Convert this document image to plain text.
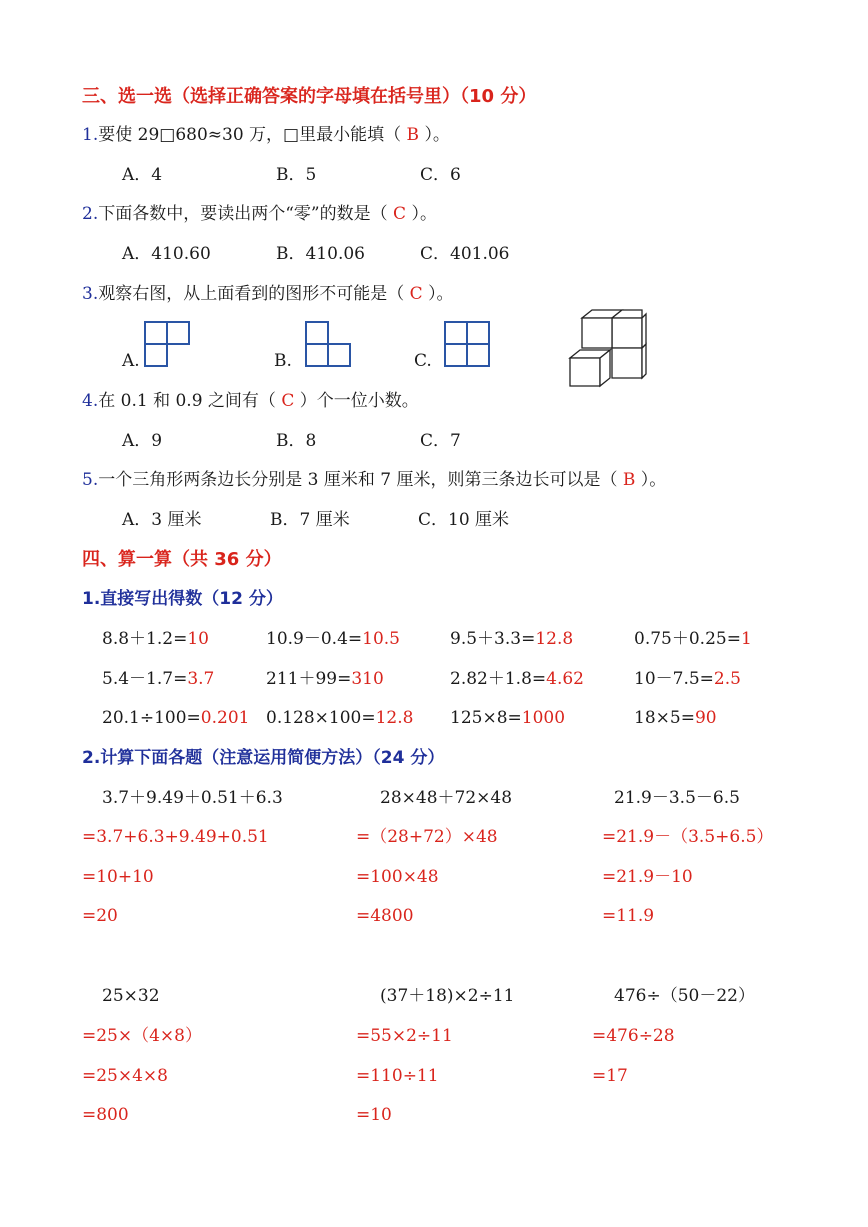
三、选一选（选择正确答案的字母填在括号里）（10 分）
1.要使 29□680≈30 万，□里最小能填（ B ）。
A．4	B．5	C．6
2.下面各数中，要读出两个“零”的数是（ C ）。
A．410.60	B．410.06	C．401.06
3.观察右图，从上面看到的图形不可能是（ C ）。
A.	B.	C.
4.在 0.1 和 0.9 之间有（ C ）个一位小数。
A．9	B．8	C．7
5.一个三角形两条边长分别是 3 厘米和 7 厘米，则第三条边长可以是（ B ）。
A．3 厘米	B．7 厘米	C．10 厘米
四、算一算（共 36 分）
1.直接写出得数（12 分）
8.8＋1.2=10	10.9－0.4=10.5	9.5＋3.3=12.8	0.75＋0.25=1
5.4－1.7=3.7	211＋99=310	2.82＋1.8=4.62	10－7.5=2.5
20.1÷100=0.201 0.128×100=12.8 125×8=1000	18×5=90
2.计算下面各题（注意运用简便方法）（24 分）
3.7＋9.49＋0.51＋6.3
=3.7+6.3+9.49+0.51
=10+10
=20
28×48＋72×48
=（28+72）×48
=100×48
=4800
21.9－3.5－6.5
=21.9－（3.5+6.5）
=21.9－10
=11.9
25×32
=25×（4×8）
=25×4×8
=800
(37＋18)×2÷11
=55×2÷11
=110÷11
=10
476÷（50－22）
=476÷28
=17
